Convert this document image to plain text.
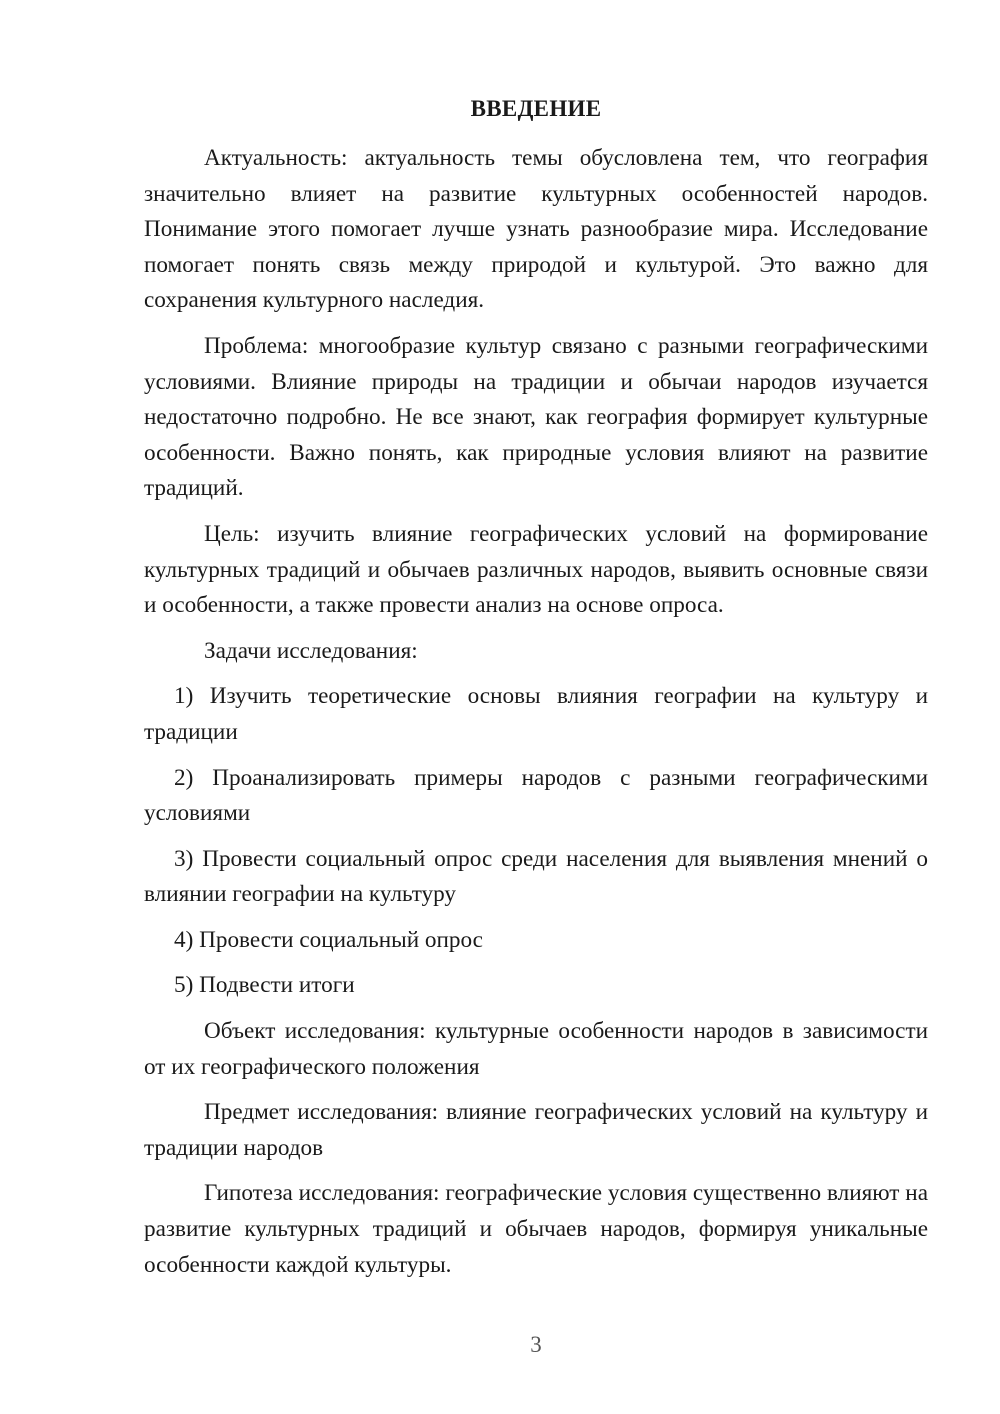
ВВЕДЕНИЕ

Актуальность: актуальность темы обусловлена тем, что география значительно влияет на развитие культурных особенностей народов. Понимание этого помогает лучше узнать разнообразие мира. Исследование помогает понять связь между природой и культурой. Это важно для сохранения культурного наследия.

Проблема: многообразие культур связано с разными географическими условиями. Влияние природы на традиции и обычаи народов изучается недостаточно подробно. Не все знают, как география формирует культурные особенности. Важно понять, как природные условия влияют на развитие традиций.

Цель: изучить влияние географических условий на формирование культурных традиций и обычаев различных народов, выявить основные связи и особенности, а также провести анализ на основе опроса.

Задачи исследования:

1) Изучить теоретические основы влияния географии на культуру и традиции

2) Проанализировать примеры народов с разными географическими условиями

3) Провести социальный опрос среди населения для выявления мнений о влиянии географии на культуру

4) Провести социальный опрос

5) Подвести итоги

Объект исследования: культурные особенности народов в зависимости от их географического положения

Предмет исследования: влияние географических условий на культуру и традиции народов

Гипотеза исследования: географические условия существенно влияют на развитие культурных традиций и обычаев народов, формируя уникальные особенности каждой культуры.

3
